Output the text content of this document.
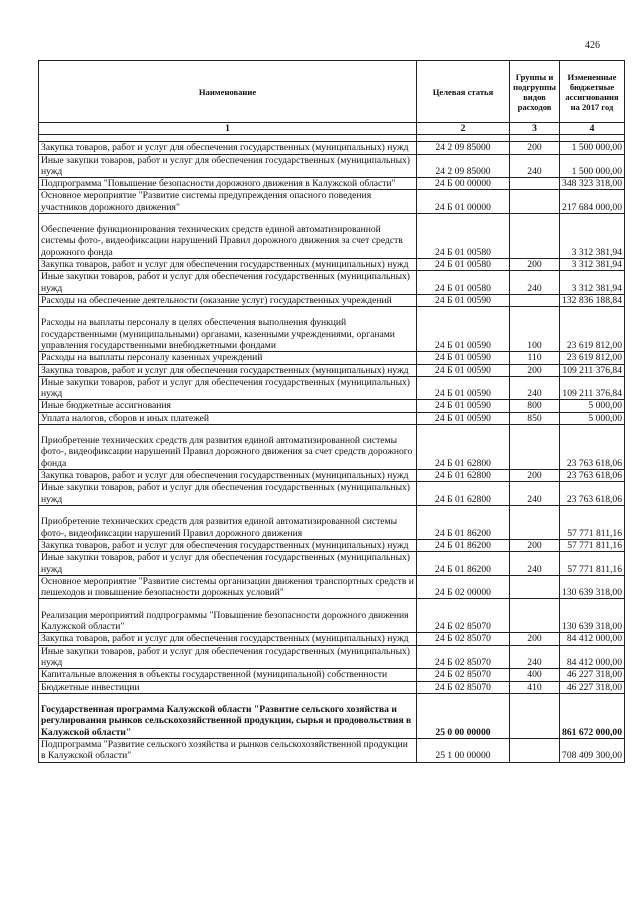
426
Наименование	Целевая статья	Группы и подгруппы видов расходов	Измененные бюджетные ассигнования на 2017 год
1	2	3	4

Закупка товаров, работ и услуг для обеспечения государственных (муниципальных) нужд	24 2 09 85000	200	1 500 000,00
Иные закупки товаров, работ и услуг для обеспечения государственных (муниципальных) нужд	24 2 09 85000	240	1 500 000,00
Подпрограмма "Повышение безопасности дорожного движения в Калужской области"	24 Б 00 00000		348 323 318,00
Основное мероприятие "Развитие системы предупреждения опасного поведения участников дорожного движения"	24 Б 01 00000		217 684 000,00
Обеспечение функционирования технических средств единой автоматизированной системы фото-, видеофиксации нарушений Правил дорожного движения за счет средств дорожного фонда	24 Б 01 00580		3 312 381,94
Закупка товаров, работ и услуг для обеспечения государственных (муниципальных) нужд	24 Б 01 00580	200	3 312 381,94
Иные закупки товаров, работ и услуг для обеспечения государственных (муниципальных) нужд	24 Б 01 00580	240	3 312 381,94
Расходы на обеспечение деятельности (оказание услуг) государственных учреждений	24 Б 01 00590		132 836 188,84
Расходы на выплаты персоналу в целях обеспечения выполнения функций государственными (муниципальными) органами, казенными учреждениями, органами управления государственными внебюджетными фондами	24 Б 01 00590	100	23 619 812,00
Расходы на выплаты персоналу казенных учреждений	24 Б 01 00590	110	23 619 812,00
Закупка товаров, работ и услуг для обеспечения государственных (муниципальных) нужд	24 Б 01 00590	200	109 211 376,84
Иные закупки товаров, работ и услуг для обеспечения государственных (муниципальных) нужд	24 Б 01 00590	240	109 211 376,84
Иные бюджетные ассигнования	24 Б 01 00590	800	5 000,00
Уплата налогов, сборов и иных платежей	24 Б 01 00590	850	5 000,00
Приобретение технических средств для развития единой автоматизированной системы фото-, видеофиксации нарушений Правил дорожного движения за счет средств дорожного фонда	24 Б 01 62800		23 763 618,06
Закупка товаров, работ и услуг для обеспечения государственных (муниципальных) нужд	24 Б 01 62800	200	23 763 618,06
Иные закупки товаров, работ и услуг для обеспечения государственных (муниципальных) нужд	24 Б 01 62800	240	23 763 618,06
Приобретение технических средств для развития единой автоматизированной системы фото-, видеофиксации нарушений Правил дорожного движения	24 Б 01 86200		57 771 811,16
Закупка товаров, работ и услуг для обеспечения государственных (муниципальных) нужд	24 Б 01 86200	200	57 771 811,16
Иные закупки товаров, работ и услуг для обеспечения государственных (муниципальных) нужд	24 Б 01 86200	240	57 771 811,16
Основное мероприятие "Развитие системы организации движения транспортных средств и пешеходов и повышение безопасности дорожных условий"	24 Б 02 00000		130 639 318,00
Реализация мероприятий подпрограммы "Повышение безопасности дорожного движения Калужской области"	24 Б 02 85070		130 639 318,00
Закупка товаров, работ и услуг для обеспечения государственных (муниципальных) нужд	24 Б 02 85070	200	84 412 000,00
Иные закупки товаров, работ и услуг для обеспечения государственных (муниципальных) нужд	24 Б 02 85070	240	84 412 000,00
Капитальные вложения в объекты государственной (муниципальной) собственности	24 Б 02 85070	400	46 227 318,00
Бюджетные инвестиции	24 Б 02 85070	410	46 227 318,00
Государственная программа Калужской области "Развитие сельского хозяйства и регулирования рынков сельскохозяйственной продукции, сырья и продовольствия в Калужской области"	25 0 00 00000		861 672 000,00
Подпрограмма "Развитие сельского хозяйства и рынков сельскохозяйственной продукции в Калужской области"	25 1 00 00000		708 409 300,00
